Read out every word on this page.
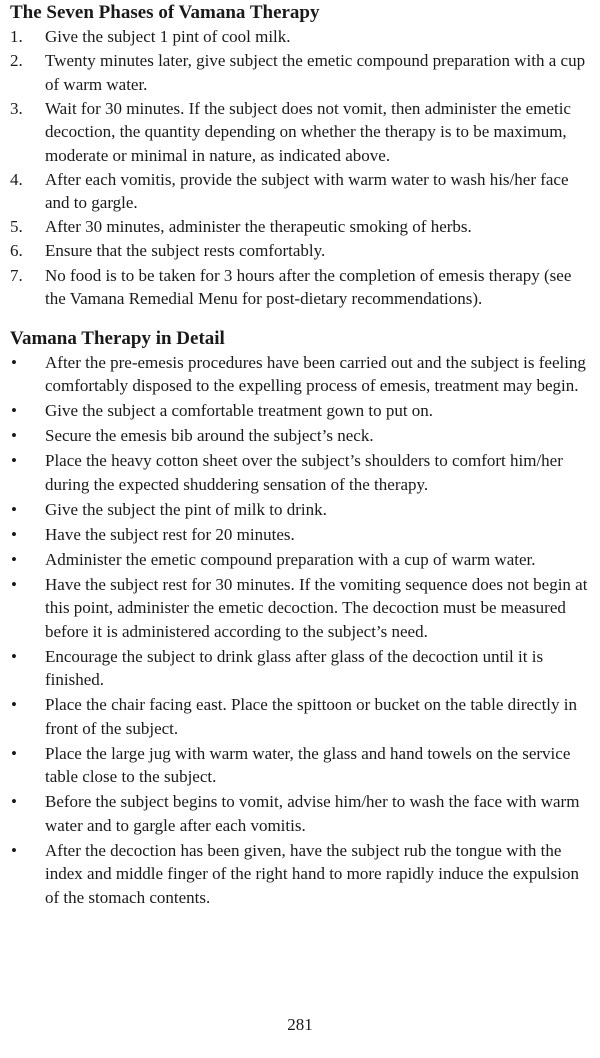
The Seven Phases of Vamana Therapy
1.	Give the subject 1 pint of cool milk.
2.	Twenty minutes later, give subject the emetic compound preparation with a cup of warm water.
3.	Wait for 30 minutes. If the subject does not vomit, then administer the emetic decoction, the quantity depending on whether the therapy is to be maximum, moderate or minimal in nature, as indicated above.
4.	After each vomitis, provide the subject with warm water to wash his/her face and to gargle.
5.	After 30 minutes, administer the therapeutic smoking of herbs.
6.	Ensure that the subject rests comfortably.
7.	No food is to be taken for 3 hours after the completion of emesis therapy (see the Vamana Remedial Menu for post-dietary recommendations).
Vamana Therapy in Detail
•	After the pre-emesis procedures have been carried out and the subject is feeling comfortably disposed to the expelling process of emesis, treatment may begin.
•	Give the subject a comfortable treatment gown to put on.
•	Secure the emesis bib around the subject’s neck.
•	Place the heavy cotton sheet over the subject’s shoulders to comfort him/her during the expected shuddering sensation of the therapy.
•	Give the subject the pint of milk to drink.
•	Have the subject rest for 20 minutes.
•	Administer the emetic compound preparation with a cup of warm water.
•	Have the subject rest for 30 minutes. If the vomiting sequence does not begin at this point, administer the emetic decoction. The decoction must be measured before it is administered according to the subject’s need.
•	Encourage the subject to drink glass after glass of the decoction until it is finished.
•	Place the chair facing east. Place the spittoon or bucket on the table directly in front of the subject.
•	Place the large jug with warm water, the glass and hand towels on the service table close to the subject.
•	Before the subject begins to vomit, advise him/her to wash the face with warm water and to gargle after each vomitis.
•	After the decoction has been given, have the subject rub the tongue with the index and middle finger of the right hand to more rapidly induce the expulsion of the stomach contents.
281
